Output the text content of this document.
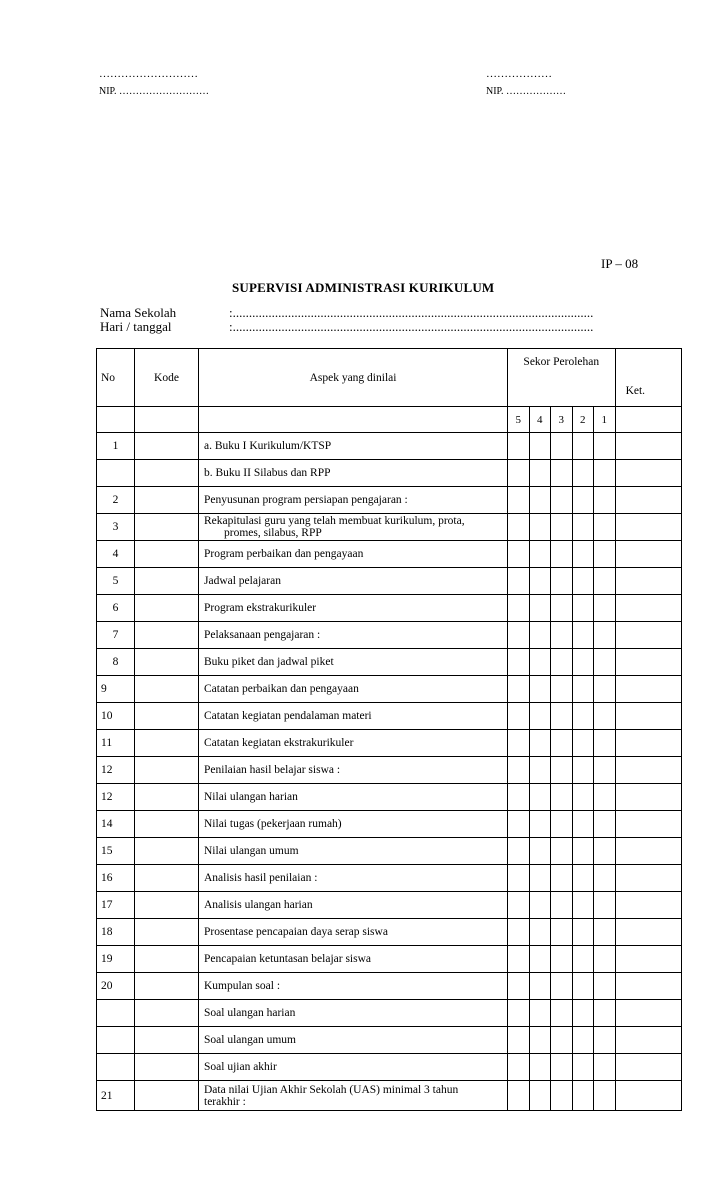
………………………
NIP. ………………………
………………
NIP. ………………
IP – 08
SUPERVISI ADMINISTRASI KURIKULUM
Nama Sekolah	:...............................................................................................................
Hari / tanggal	:...............................................................................................................
No	Kode	Aspek yang dinilai	Sekor Perolehan					Ket.
			5	4	3	2	1	
1		a. Buku I Kurikulum/KTSP						
		b. Buku II Silabus dan RPP						
2		Penyusunan program persiapan pengajaran :						
3		Rekapitulasi guru yang telah membuat kurikulum, prota,
promes, silabus, RPP						

4		Program perbaikan dan pengayaan						
5		Jadwal pelajaran						
6		Program ekstrakurikuler						
7		Pelaksanaan pengajaran :						
8		Buku piket dan jadwal piket						
9		Catatan perbaikan dan pengayaan						
10		Catatan kegiatan pendalaman materi						
11		Catatan kegiatan ekstrakurikuler						
12		Penilaian hasil belajar siswa :						
12		Nilai ulangan harian						
14		Nilai tugas (pekerjaan rumah)						
15		Nilai ulangan umum						
16		Analisis hasil penilaian :						
17		Analisis ulangan harian						
18		Prosentase pencapaian daya serap siswa						
19		Pencapaian ketuntasan belajar siswa						
20		Kumpulan soal :						
		Soal ulangan harian						
		Soal ulangan umum						
		Soal ujian akhir						
21		Data nilai Ujian Akhir Sekolah (UAS) minimal 3 tahun
terakhir :						
